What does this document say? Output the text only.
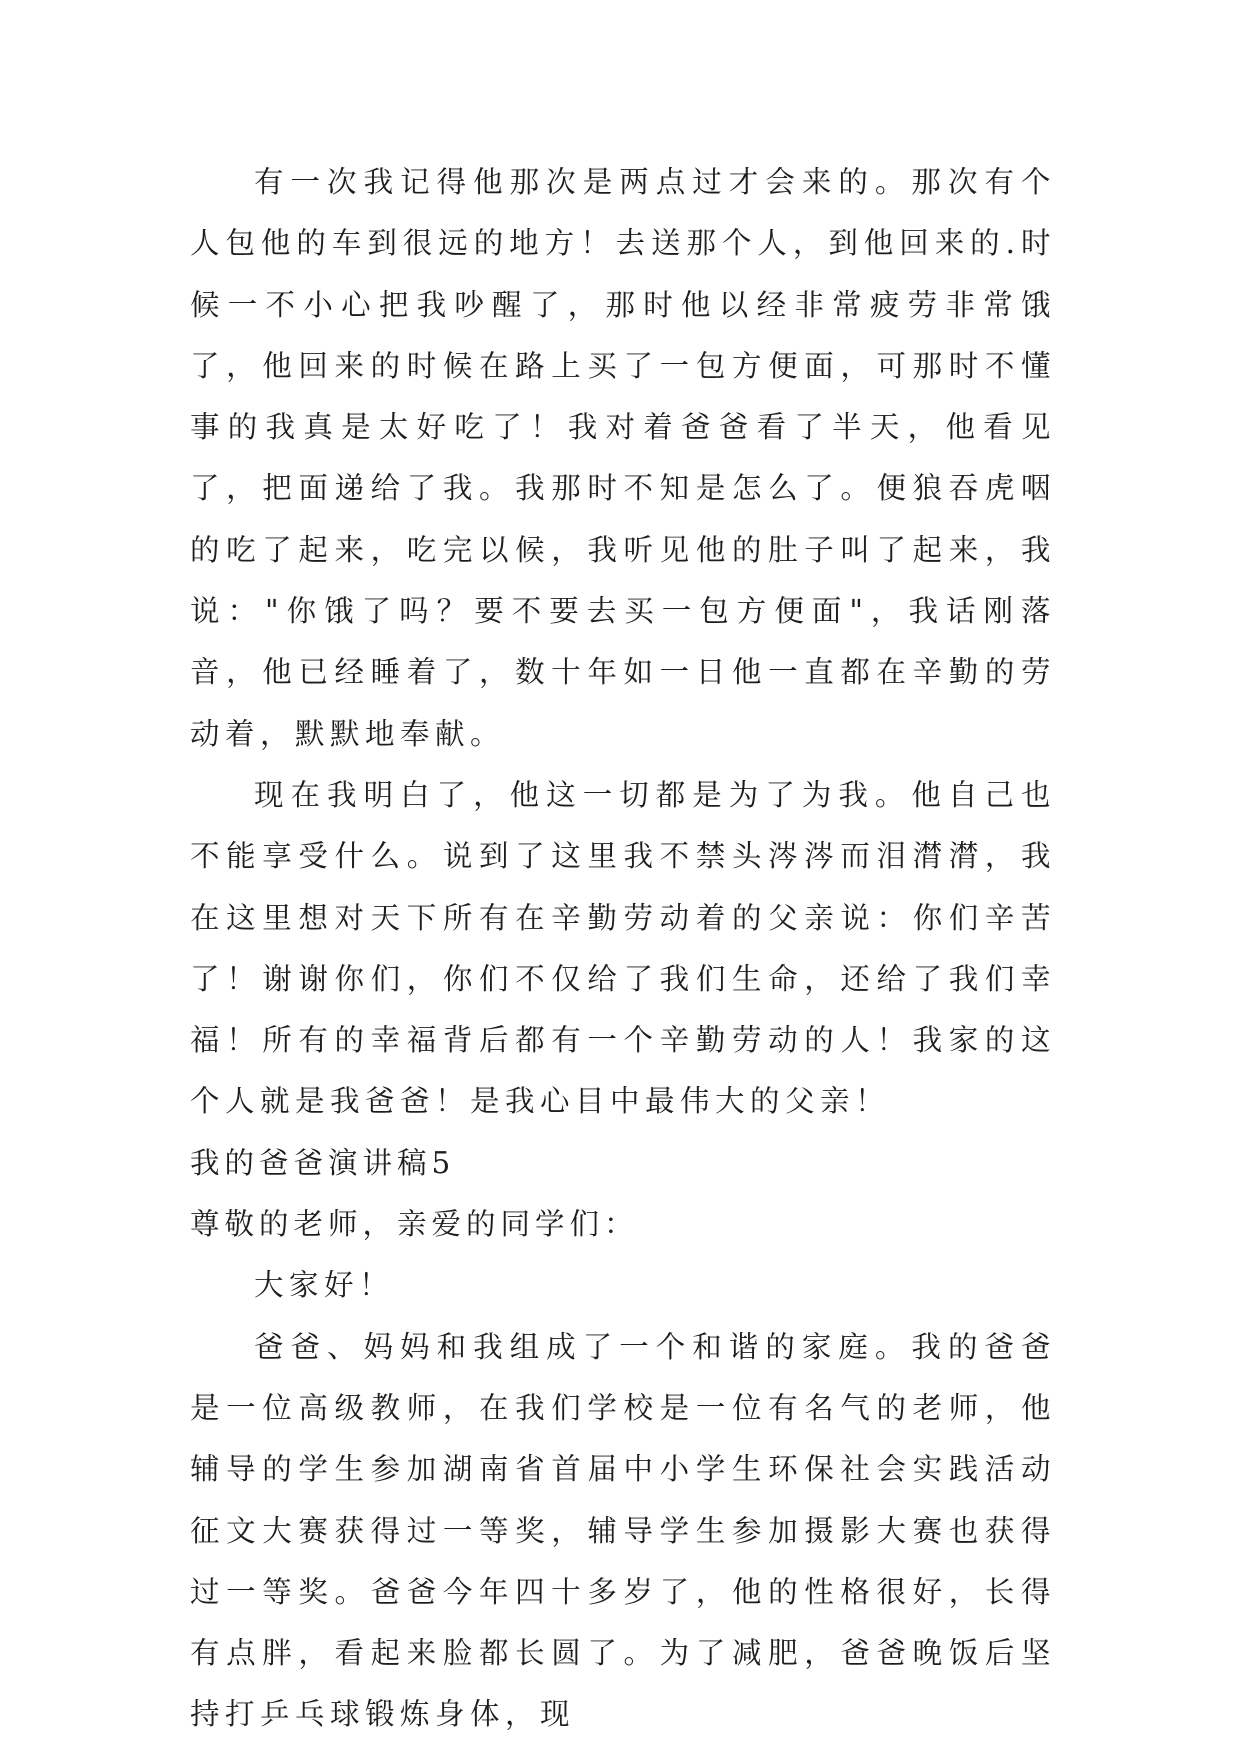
有一次我记得他那次是两点过才会来的。那次有个人包他的车到很远的地方！去送那个人，到他回来的.时候一不小心把我吵醒了，那时他以经非常疲劳非常饿了，他回来的时候在路上买了一包方便面，可那时不懂事的我真是太好吃了！我对着爸爸看了半天，他看见了，把面递给了我。我那时不知是怎么了。便狼吞虎咽的吃了起来，吃完以候，我听见他的肚子叫了起来，我说："你饿了吗？要不要去买一包方便面"，我话刚落音，他已经睡着了，数十年如一日他一直都在辛勤的劳动着，默默地奉献。

现在我明白了，他这一切都是为了为我。他自己也不能享受什么。说到了这里我不禁头涔涔而泪潸潸，我在这里想对天下所有在辛勤劳动着的父亲说：你们辛苦了！谢谢你们，你们不仅给了我们生命，还给了我们幸福！所有的幸福背后都有一个辛勤劳动的人！我家的这个人就是我爸爸！是我心目中最伟大的父亲！

我的爸爸演讲稿5

尊敬的老师，亲爱的同学们：

大家好！

爸爸、妈妈和我组成了一个和谐的家庭。我的爸爸是一位高级教师，在我们学校是一位有名气的老师，他辅导的学生参加湖南省首届中小学生环保社会实践活动征文大赛获得过一等奖，辅导学生参加摄影大赛也获得过一等奖。爸爸今年四十多岁了，他的性格很好，长得有点胖，看起来脸都长圆了。为了减肥，爸爸晚饭后坚持打乒乓球锻炼身体，现
